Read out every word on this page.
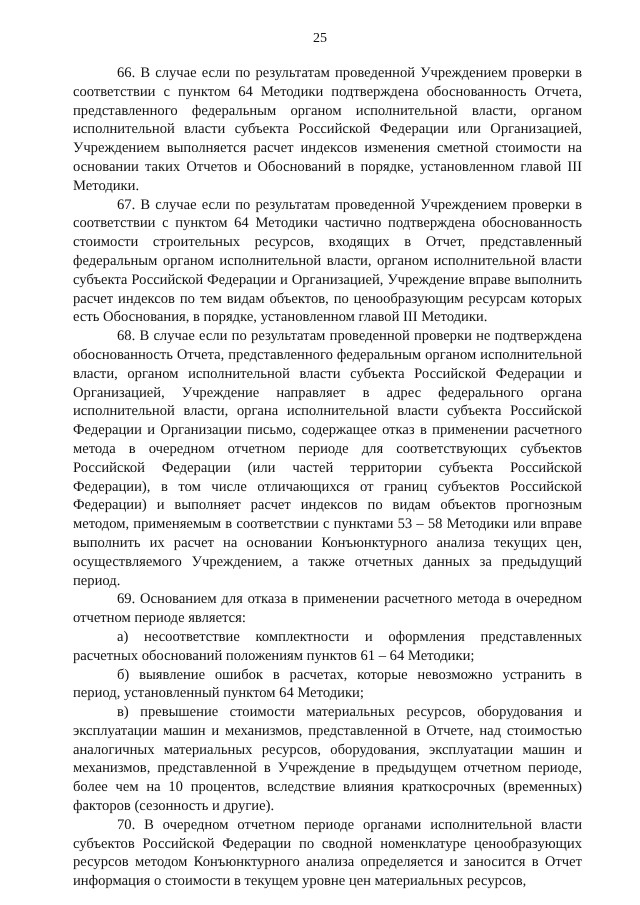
25

66. В случае если по результатам проведенной Учреждением проверки в соответствии с пунктом 64 Методики подтверждена обоснованность Отчета, представленного федеральным органом исполнительной власти, органом исполнительной власти субъекта Российской Федерации или Организацией, Учреждением выполняется расчет индексов изменения сметной стоимости на основании таких Отчетов и Обоснований в порядке, установленном главой III Методики.

67. В случае если по результатам проведенной Учреждением проверки в соответствии с пунктом 64 Методики частично подтверждена обоснованность стоимости строительных ресурсов, входящих в Отчет, представленный федеральным органом исполнительной власти, органом исполнительной власти субъекта Российской Федерации и Организацией, Учреждение вправе выполнить расчет индексов по тем видам объектов, по ценообразующим ресурсам которых есть Обоснования, в порядке, установленном главой III Методики.

68. В случае если по результатам проведенной проверки не подтверждена обоснованность Отчета, представленного федеральным органом исполнительной власти, органом исполнительной власти субъекта Российской Федерации и Организацией, Учреждение направляет в адрес федерального органа исполнительной власти, органа исполнительной власти субъекта Российской Федерации и Организации письмо, содержащее отказ в применении расчетного метода в очередном отчетном периоде для соответствующих субъектов Российской Федерации (или частей территории субъекта Российской Федерации), в том числе отличающихся от границ субъектов Российской Федерации) и выполняет расчет индексов по видам объектов прогнозным методом, применяемым в соответствии с пунктами 53 – 58 Методики или вправе выполнить их расчет на основании Конъюнктурного анализа текущих цен, осуществляемого Учреждением, а также отчетных данных за предыдущий период.

69. Основанием для отказа в применении расчетного метода в очередном отчетном периоде является:

а) несоответствие комплектности и оформления представленных расчетных обоснований положениям пунктов 61 – 64 Методики;

б) выявление ошибок в расчетах, которые невозможно устранить в период, установленный пунктом 64 Методики;

в) превышение стоимости материальных ресурсов, оборудования и эксплуатации машин и механизмов, представленной в Отчете, над стоимостью аналогичных материальных ресурсов, оборудования, эксплуатации машин и механизмов, представленной в Учреждение в предыдущем отчетном периоде, более чем на 10 процентов, вследствие влияния краткосрочных (временных) факторов (сезонность и другие).

70. В очередном отчетном периоде органами исполнительной власти субъектов Российской Федерации по сводной номенклатуре ценообразующих ресурсов методом Конъюнктурного анализа определяется и заносится в Отчет информация о стоимости в текущем уровне цен материальных ресурсов,
